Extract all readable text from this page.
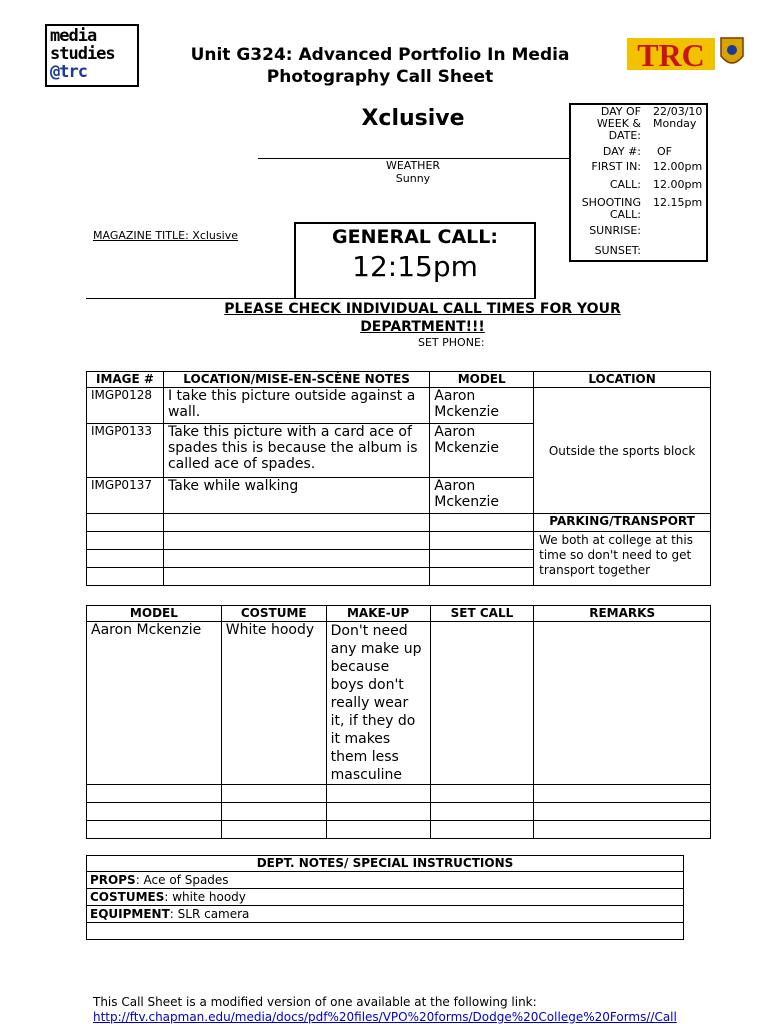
media
studies
@trc	TRC
Unit G324: Advanced Portfolio In Media
Photography Call Sheet
Xclusive
WEATHER
Sunny
DAY OF WEEK & DATE:
22/03/10
Monday
DAY #: OF
FIRST IN: 12.00pm
CALL: 12.00pm
SHOOTING CALL:
12.15pm
SUNRISE:
SUNSET:
MAGAZINE TITLE: Xclusive	GENERAL CALL:
12:15pm
PLEASE CHECK INDIVIDUAL CALL TIMES FOR YOUR DEPARTMENT!!!
SET PHONE:
IMAGE #	LOCATION/MISE-EN-SCÈNE NOTES	MODEL	LOCATION
IMGP0128	I take this picture outside against a wall.	Aaron Mckenzie	Outside the sports block
IMGP0133	Take this picture with a card ace of spades this is because the album is called ace of spades.	Aaron Mckenzie	
IMGP0137	Take while walking	Aaron Mckenzie	
			PARKING/TRANSPORT
			We both at college at this time so don't need to get transport together

MODEL	COSTUME	MAKE-UP	SET CALL	REMARKS
Aaron Mckenzie	White hoody	Don't need any make up because boys don't really wear it, if they do it makes them less masculine		

DEPT. NOTES/ SPECIAL INSTRUCTIONS
PROPS: Ace of Spades
COSTUMES: white hoody
EQUIPMENT: SLR camera

This Call Sheet is a modified version of one available at the following link:
http://ftv.chapman.edu/media/docs/pdf%20files/VPO%20forms/Dodge%20College%20Forms//Call
